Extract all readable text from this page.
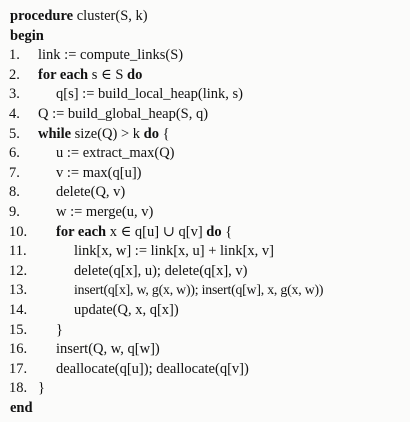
procedure cluster(S, k)
begin
1.	link := compute_links(S)
2.	for each s ∈ S do
3.	q[s] := build_local_heap(link, s)
4.	Q := build_global_heap(S, q)
5.	while size(Q) > k do {
6.	u := extract_max(Q)
7.	v := max(q[u])
8.	delete(Q, v)
9.	w := merge(u, v)
10.	for each x ∈ q[u] ∪ q[v] do {
11.	link[x, w] := link[x, u] + link[x, v]
12.	delete(q[x], u); delete(q[x], v)
13.	insert(q[x], w, g(x, w)); insert(q[w], x, g(x, w))
14.	update(Q, x, q[x])
15.	}
16.	insert(Q, w, q[w])
17.	deallocate(q[u]); deallocate(q[v])
18. }
end
